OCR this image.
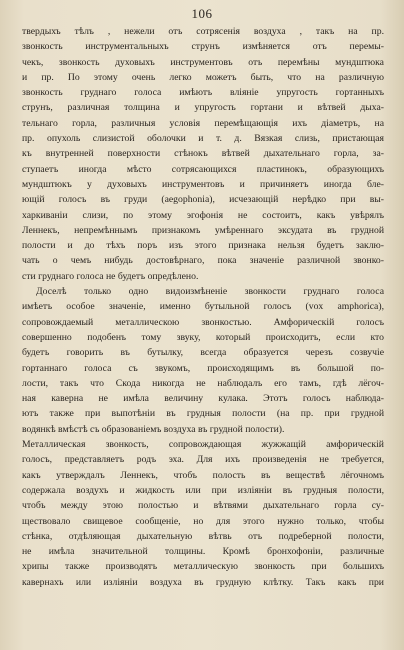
106
твердыхъ тѣлъ , нежели отъ сотрясенія воздуха , такъ на пр.
звонкость инструментальныхъ струнъ измѣняется отъ перемы-
чекъ, звонкость духовыхъ инструментовъ отъ перемѣны мундштюка
и пр. По этому очень легко можетъ быть, что на различную
звонкость груднаго голоса имѣютъ вліяніе упругость гортанныхъ
струнъ, различная толщина и упругость гортани и вѣтвей дыха-
тельнаго горла, различныя условія перемѣщающія ихъ діаметръ, на
пр. опухоль слизистой оболочки и т. д. Вязкая слизь, пристающая
къ внутренней поверхности стѣнокъ вѣтвей дыхательнаго горла, за-
ступаетъ иногда мѣсто сотрясающихся пластинокъ, образующихъ
мундштюкъ у духовыхъ инструментовъ и причиняетъ иногда бле-
ющій голосъ въ груди (aegophonia), исчезающій нерѣдко при вы-
харкиваніи слизи, по этому эгофонія не состоитъ, какъ увѣрялъ
Леннекъ, непремѣннымъ признакомъ умѣреннаго эксудата въ грудной
полости и до тѣхъ поръ изъ этого признака нельзя будетъ заклю-
чать о чемъ нибудь достовѣрнаго, пока значеніе различной звонко-
сти груднаго голоса не будетъ опредѣлено.
Доселѣ только одно видоизмѣненіе звонкости груднаго голоса
имѣетъ особое значеніе, именно бутыльной голосъ (vox amphorica),
сопровождаемый металлическою звонкостью. Амфорическій голосъ
совершенно подобенъ тому звуку, который происходитъ, если кто
будетъ говорить въ бутылку, всегда образуется черезъ созвучіе
гортаннаго голоса съ звукомъ, происходящимъ въ большой по-
лости, такъ что Скода никогда не наблюдалъ его тамъ, гдѣ лёгоч-
ная каверна не имѣла величину кулака. Этотъ голосъ наблюда-
ютъ также при выпотѣніи въ грудныя полости (на пр. при грудной
водянкѣ вмѣстѣ съ образованіемъ воздуха въ грудной полости).
Металлическая звонкость, сопровождающая жужжащій амфорическій
голосъ, представляетъ родъ эха. Для ихъ произведенія не требуется,
какъ утверждалъ Леннекъ, чтобъ полость въ веществѣ лёгочномъ
содержала воздухъ и жидкость или при изліяніи въ грудныя полости,
чтобъ между этою полостью и вѣтвями дыхательнаго горла су-
ществовало свищевое сообщеніе, но для этого нужно только, чтобы
стѣнка, отдѣляющая дыхательную вѣтвь отъ подреберной полости,
не имѣла значительной толщины. Кромѣ бронхофоніи, различные
хрипы также производятъ металлическую звонкость при большихъ
кавернахъ или изліяніи воздуха въ грудную клѣтку. Такъ какъ при
